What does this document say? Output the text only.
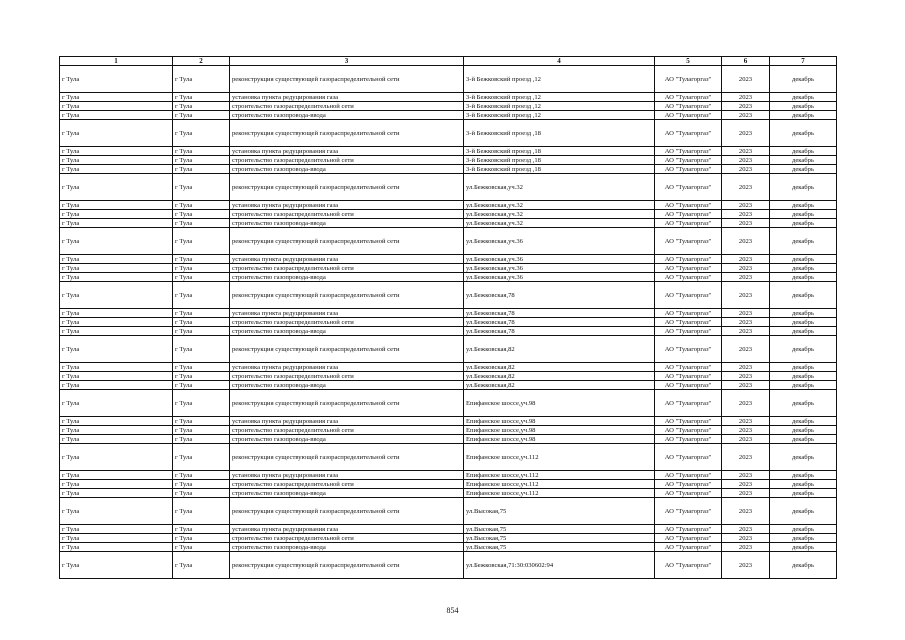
1	2	3	4	5	6	7
г Тула	г Тула	реконструкция существующей газораспределительной сети	3-й Бежковский проезд ,12	АО "Тулагоргаз"	2023	декабрь
г Тула	г Тула	установка пункта редуцирования газа	3-й Бежковский проезд ,12	АО "Тулагоргаз"	2023	декабрь
г Тула	г Тула	строительство газораспределительной сети	3-й Бежковский проезд ,12	АО "Тулагоргаз"	2023	декабрь
г Тула	г Тула	строительство газопровода-ввода	3-й Бежковский проезд ,12	АО "Тулагоргаз"	2023	декабрь
г Тула	г Тула	реконструкция существующей газораспределительной сети	3-й Бежковский проезд ,18	АО "Тулагоргаз"	2023	декабрь
г Тула	г Тула	установка пункта редуцирования газа	3-й Бежковский проезд ,18	АО "Тулагоргаз"	2023	декабрь
г Тула	г Тула	строительство газораспределительной сети	3-й Бежковский проезд ,18	АО "Тулагоргаз"	2023	декабрь
г Тула	г Тула	строительство газопровода-ввода	3-й Бежковский проезд ,18	АО "Тулагоргаз"	2023	декабрь
г Тула	г Тула	реконструкция существующей газораспределительной сети	ул.Бежковская,уч.32	АО "Тулагоргаз"	2023	декабрь
г Тула	г Тула	установка пункта редуцирования газа	ул.Бежковская,уч.32	АО "Тулагоргаз"	2023	декабрь
г Тула	г Тула	строительство газораспределительной сети	ул.Бежковская,уч.32	АО "Тулагоргаз"	2023	декабрь
г Тула	г Тула	строительство газопровода-ввода	ул.Бежковская,уч.32	АО "Тулагоргаз"	2023	декабрь
г Тула	г Тула	реконструкция существующей газораспределительной сети	ул.Бежковская,уч.36	АО "Тулагоргаз"	2023	декабрь
г Тула	г Тула	установка пункта редуцирования газа	ул.Бежковская,уч.36	АО "Тулагоргаз"	2023	декабрь
г Тула	г Тула	строительство газораспределительной сети	ул.Бежковская,уч.36	АО "Тулагоргаз"	2023	декабрь
г Тула	г Тула	строительство газопровода-ввода	ул.Бежковская,уч.36	АО "Тулагоргаз"	2023	декабрь
г Тула	г Тула	реконструкция существующей газораспределительной сети	ул.Бежковская,78	АО "Тулагоргаз"	2023	декабрь
г Тула	г Тула	установка пункта редуцирования газа	ул.Бежковская,78	АО "Тулагоргаз"	2023	декабрь
г Тула	г Тула	строительство газораспределительной сети	ул.Бежковская,78	АО "Тулагоргаз"	2023	декабрь
г Тула	г Тула	строительство газопровода-ввода	ул.Бежковская,78	АО "Тулагоргаз"	2023	декабрь
г Тула	г Тула	реконструкция существующей газораспределительной сети	ул.Бежковская,82	АО "Тулагоргаз"	2023	декабрь
г Тула	г Тула	установка пункта редуцирования газа	ул.Бежковская,82	АО "Тулагоргаз"	2023	декабрь
г Тула	г Тула	строительство газораспределительной сети	ул.Бежковская,82	АО "Тулагоргаз"	2023	декабрь
г Тула	г Тула	строительство газопровода-ввода	ул.Бежковская,82	АО "Тулагоргаз"	2023	декабрь
г Тула	г Тула	реконструкция существующей газораспределительной сети	Епифанское шоссе,уч.98	АО "Тулагоргаз"	2023	декабрь
г Тула	г Тула	установка пункта редуцирования газа	Епифанское шоссе,уч.98	АО "Тулагоргаз"	2023	декабрь
г Тула	г Тула	строительство газораспределительной сети	Епифанское шоссе,уч.98	АО "Тулагоргаз"	2023	декабрь
г Тула	г Тула	строительство газопровода-ввода	Епифанское шоссе,уч.98	АО "Тулагоргаз"	2023	декабрь
г Тула	г Тула	реконструкция существующей газораспределительной сети	Епифанское шоссе,уч.112	АО "Тулагоргаз"	2023	декабрь
г Тула	г Тула	установка пункта редуцирования газа	Епифанское шоссе,уч.112	АО "Тулагоргаз"	2023	декабрь
г Тула	г Тула	строительство газораспределительной сети	Епифанское шоссе,уч.112	АО "Тулагоргаз"	2023	декабрь
г Тула	г Тула	строительство газопровода-ввода	Епифанское шоссе,уч.112	АО "Тулагоргаз"	2023	декабрь
г Тула	г Тула	реконструкция существующей газораспределительной сети	ул.Высокая,75	АО "Тулагоргаз"	2023	декабрь
г Тула	г Тула	установка пункта редуцирования газа	ул.Высокая,75	АО "Тулагоргаз"	2023	декабрь
г Тула	г Тула	строительство газораспределительной сети	ул.Высокая,75	АО "Тулагоргаз"	2023	декабрь
г Тула	г Тула	строительство газопровода-ввода	ул.Высокая,75	АО "Тулагоргаз"	2023	декабрь
г Тула	г Тула	реконструкция существующей газораспределительной сети	ул.Бежковская,71:30:030602:94	АО "Тулагоргаз"	2023	декабрь
854
